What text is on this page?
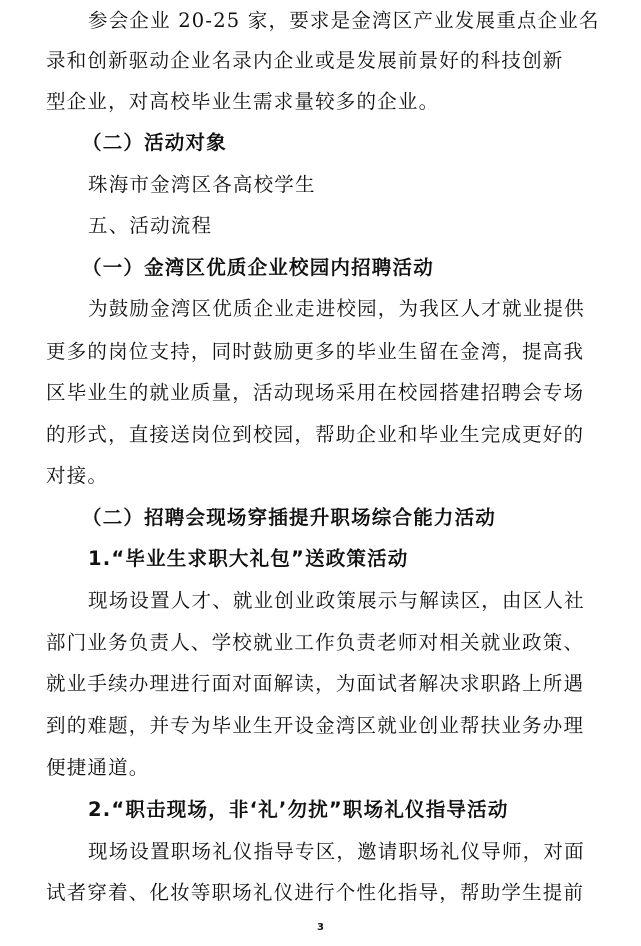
参会企业 20-25 家，要求是金湾区产业发展重点企业名
录和创新驱动企业名录内企业或是发展前景好的科技创新
型企业，对高校毕业生需求量较多的企业。
（二）活动对象
珠海市金湾区各高校学生
五、活动流程
（一）金湾区优质企业校园内招聘活动
为鼓励金湾区优质企业走进校园，为我区人才就业提供
更多的岗位支持，同时鼓励更多的毕业生留在金湾，提高我
区毕业生的就业质量，活动现场采用在校园搭建招聘会专场
的形式，直接送岗位到校园，帮助企业和毕业生完成更好的
对接。
（二）招聘会现场穿插提升职场综合能力活动
1.“毕业生求职大礼包”送政策活动
现场设置人才、就业创业政策展示与解读区，由区人社
部门业务负责人、学校就业工作负责老师对相关就业政策、
就业手续办理进行面对面解读，为面试者解决求职路上所遇
到的难题，并专为毕业生开设金湾区就业创业帮扶业务办理
便捷通道。
2.“职击现场，非‘礼’勿扰”职场礼仪指导活动
现场设置职场礼仪指导专区，邀请职场礼仪导师，对面
试者穿着、化妆等职场礼仪进行个性化指导，帮助学生提前
3
